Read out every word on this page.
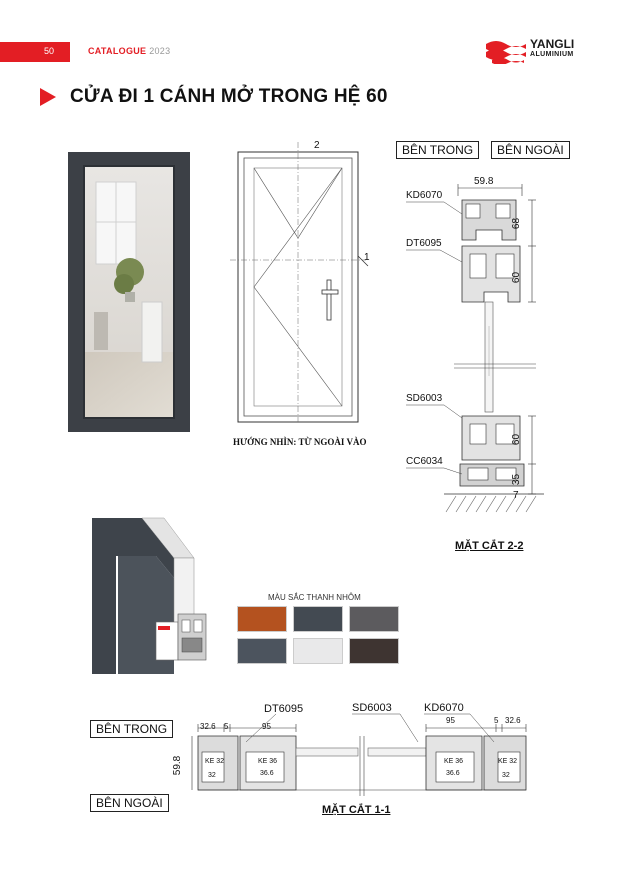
50	CATALOGUE 2023	YANGLI
ALUMINIUM
CỬA ĐI 1 CÁNH MỞ TRONG HỆ 60
2
1
HƯỚNG NHÌN: TỪ NGOÀI VÀO
BÊN TRONG	BÊN NGOÀI
59.8
68
60
60
35
7
KD6070
DT6095
SD6003
CC6034
MẶT CẮT 2-2
MÀU SẮC THANH NHÔM
BÊN TRONG
BÊN NGOÀI
32.6 5	95
95	5 32.6
59.8	KE 32
32
KE 36
36.6
KE 36
36.6
KE 32
32
DT6095	SD6003	KD6070
MẶT CẮT 1-1
